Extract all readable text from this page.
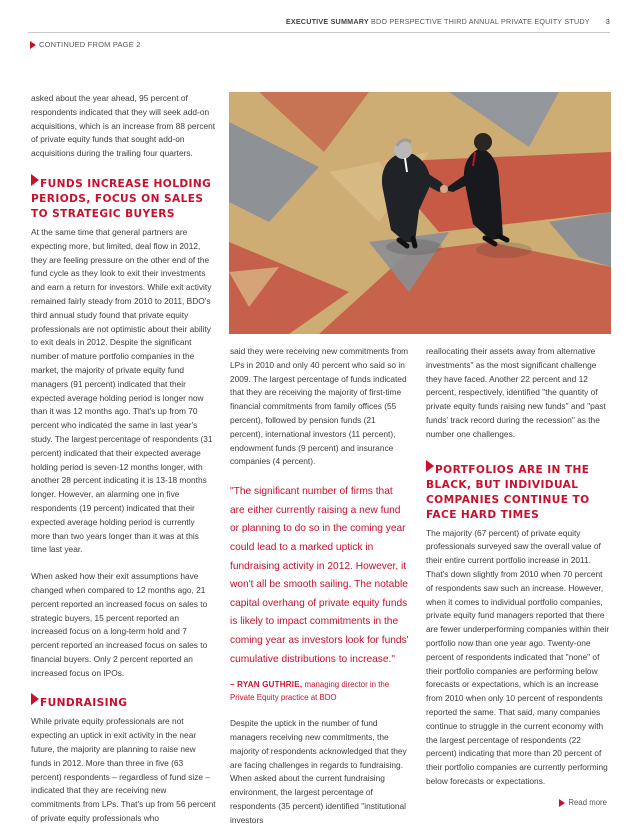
EXECUTIVE SUMMARY BDO PERSPECTIVE THIRD ANNUAL PRIVATE EQUITY STUDY 3
CONTINUED FROM PAGE 2

asked about the year ahead, 95 percent of respondents indicated that they will seek add-on acquisitions, which is an increase from 88 percent of private equity funds that sought add-on acquisitions during the trailing four quarters.

FUNDS INCREASE HOLDING PERIODS, FOCUS ON SALES TO STRATEGIC BUYERS

At the same time that general partners are expecting more, but limited, deal flow in 2012, they are feeling pressure on the other end of the fund cycle as they look to exit their investments and earn a return for investors. While exit activity remained fairly steady from 2010 to 2011, BDO's third annual study found that private equity professionals are not optimistic about their ability to exit deals in 2012. Despite the significant number of mature portfolio companies in the market, the majority of private equity fund managers (91 percent) indicated that their expected average holding period is longer now than it was 12 months ago. That's up from 70 percent who indicated the same in last year's study. The largest percentage of respondents (31 percent) indicated that their expected average holding period is seven-12 months longer, with another 28 percent indicating it is 13-18 months longer. However, an alarming one in five respondents (19 percent) indicated that their expected average holding period is currently more than two years longer than it was at this time last year.

When asked how their exit assumptions have changed when compared to 12 months ago, 21 percent reported an increased focus on sales to strategic buyers, 15 percent reported an increased focus on a long-term hold and 7 percent reported an increased focus on sales to financial buyers. Only 2 percent reported an increased focus on IPOs.

FUNDRAISING

While private equity professionals are not expecting an uptick in exit activity in the near future, the majority are planning to raise new funds in 2012. More than three in five (63 percent) respondents – regardless of fund size – indicated that they are receiving new commitments from LPs. That's up from 56 percent of private equity professionals who

said they were receiving new commitments from LPs in 2010 and only 40 percent who said so in 2009. The largest percentage of funds indicated that they are receiving the majority of first-time financial commitments from family offices (55 percent), followed by pension funds (21 percent), international investors (11 percent), endowment funds (9 percent) and insurance companies (4 percent).

"The significant number of firms that are either currently raising a new fund or planning to do so in the coming year could lead to a marked uptick in fundraising activity in 2012. However, it won't all be smooth sailing. The notable capital overhang of private equity funds is likely to impact commitments in the coming year as investors look for funds' cumulative distributions to increase."
– RYAN GUTHRIE, managing director in the Private Equity practice at BDO

Despite the uptick in the number of fund managers receiving new commitments, the majority of respondents acknowledged that they are facing challenges in regards to fundraising. When asked about the current fundraising environment, the largest percentage of respondents (35 percent) identified "institutional investors

reallocating their assets away from alternative investments" as the most significant challenge they have faced. Another 22 percent and 12 percent, respectively, identified "the quantity of private equity funds raising new funds" and "past funds' track record during the recession" as the number one challenges.

PORTFOLIOS ARE IN THE BLACK, BUT INDIVIDUAL COMPANIES CONTINUE TO FACE HARD TIMES

The majority (67 percent) of private equity professionals surveyed saw the overall value of their entire current portfolio increase in 2011. That's down slightly from 2010 when 70 percent of respondents saw such an increase. However, when it comes to individual portfolio companies, private equity fund managers reported that there are fewer underperforming companies within their portfolio now than one year ago. Twenty-one percent of respondents indicated that "none" of their portfolio companies are performing below forecasts or expectations, which is an increase from 2010 when only 10 percent of respondents reported the same. That said, many companies continue to struggle in the current economy with the largest percentage of respondents (22 percent) indicating that more than 20 percent of their portfolio companies are currently performing below forecasts or expectations.

Read more
